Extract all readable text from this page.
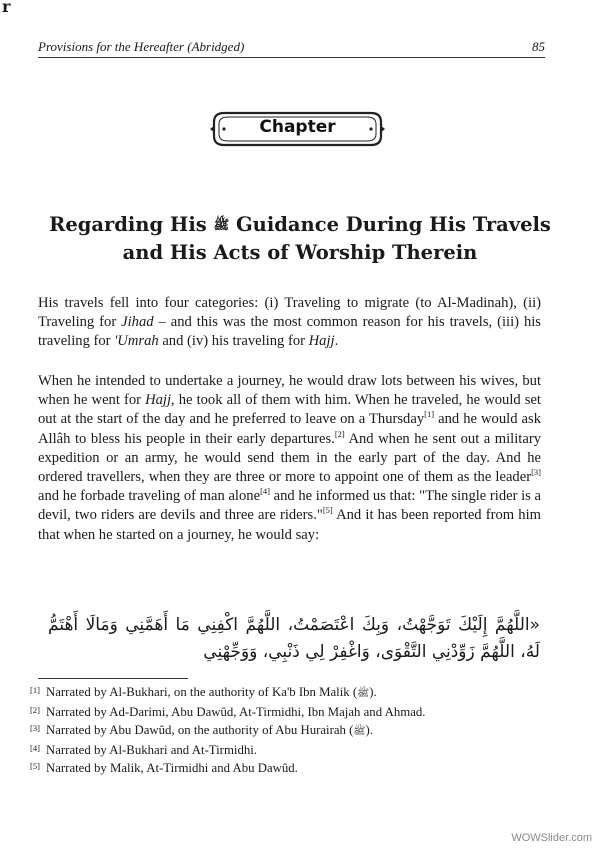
r
Provisions for the Hereafter (Abridged)	85
Chapter
Regarding His ﷺ Guidance During His Travels and His Acts of Worship Therein

His travels fell into four categories: (i) Traveling to migrate (to Al-Madinah), (ii) Traveling for Jihad – and this was the most common reason for his travels, (iii) his traveling for 'Umrah and (iv) his traveling for Hajj.

When he intended to undertake a journey, he would draw lots between his wives, but when he went for Hajj, he took all of them with him. When he traveled, he would set out at the start of the day and he preferred to leave on a Thursday[1] and he would ask Allâh to bless his people in their early departures.[2] And when he sent out a military expedition or an army, he would send them in the early part of the day. And he ordered travellers, when they are three or more to appoint one of them as the leader[3] and he forbade traveling of man alone[4] and he informed us that: "The single rider is a devil, two riders are devils and three are riders."[5] And it has been reported from him that when he started on a journey, he would say:

«اللَّهُمَّ إِلَيْكَ تَوَجَّهْتُ، وَبِكَ اعْتَصَمْتُ، اللَّهُمَّ اكْفِنِي مَا أَهَمَّنِي وَمَالَا أَهْتَمُّ لَهُ، اللَّهُمَّ زَوِّدْنِي التَّقْوَى، وَاغْفِرْ لِي ذَنْبِي، وَوَجِّهْنِي

[1] Narrated by Al-Bukhari, on the authority of Ka'b Ibn Malik (ﷺ).
[2] Narrated by Ad-Darimi, Abu Dawûd, At-Tirmidhi, Ibn Majah and Ahmad.
[3] Narrated by Abu Dawûd, on the authority of Abu Hurairah (ﷺ).
[4] Narrated by Al-Bukhari and At-Tirmidhi.
[5] Narrated by Malik, At-Tirmidhi and Abu Dawûd.
WOWSlider.com
